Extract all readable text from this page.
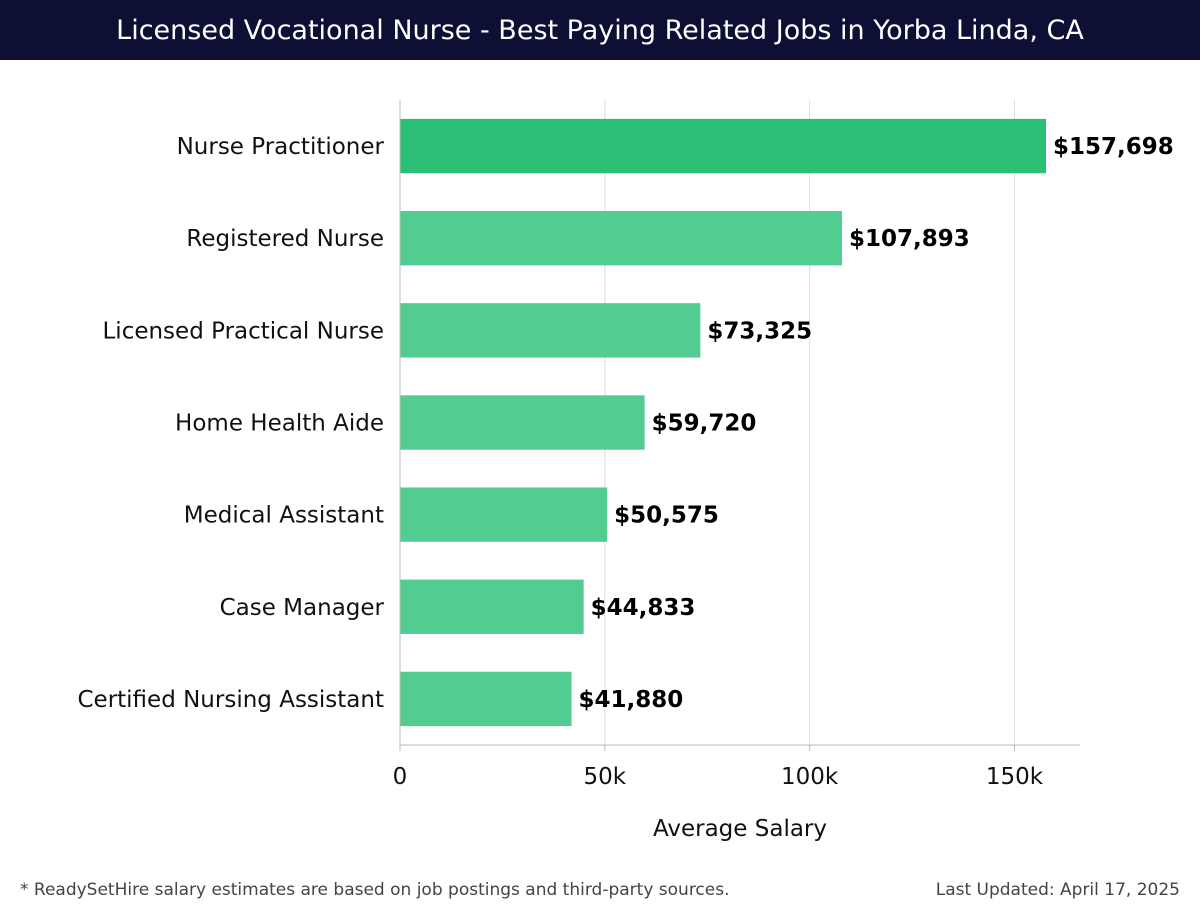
Licensed Vocational Nurse - Best Paying Related Jobs in Yorba Linda, CA
Nurse Practitioner	$157,698
Registered Nurse	$107,893
Licensed Practical Nurse	$73,325
Home Health Aide	$59,720
Medical Assistant	$50,575
Case Manager	$44,833
Certified Nursing Assistant	$41,880
0	50k	100k	150k
Average Salary
* ReadySetHire salary estimates are based on job postings and third-party sources.	Last Updated: April 17, 2025
